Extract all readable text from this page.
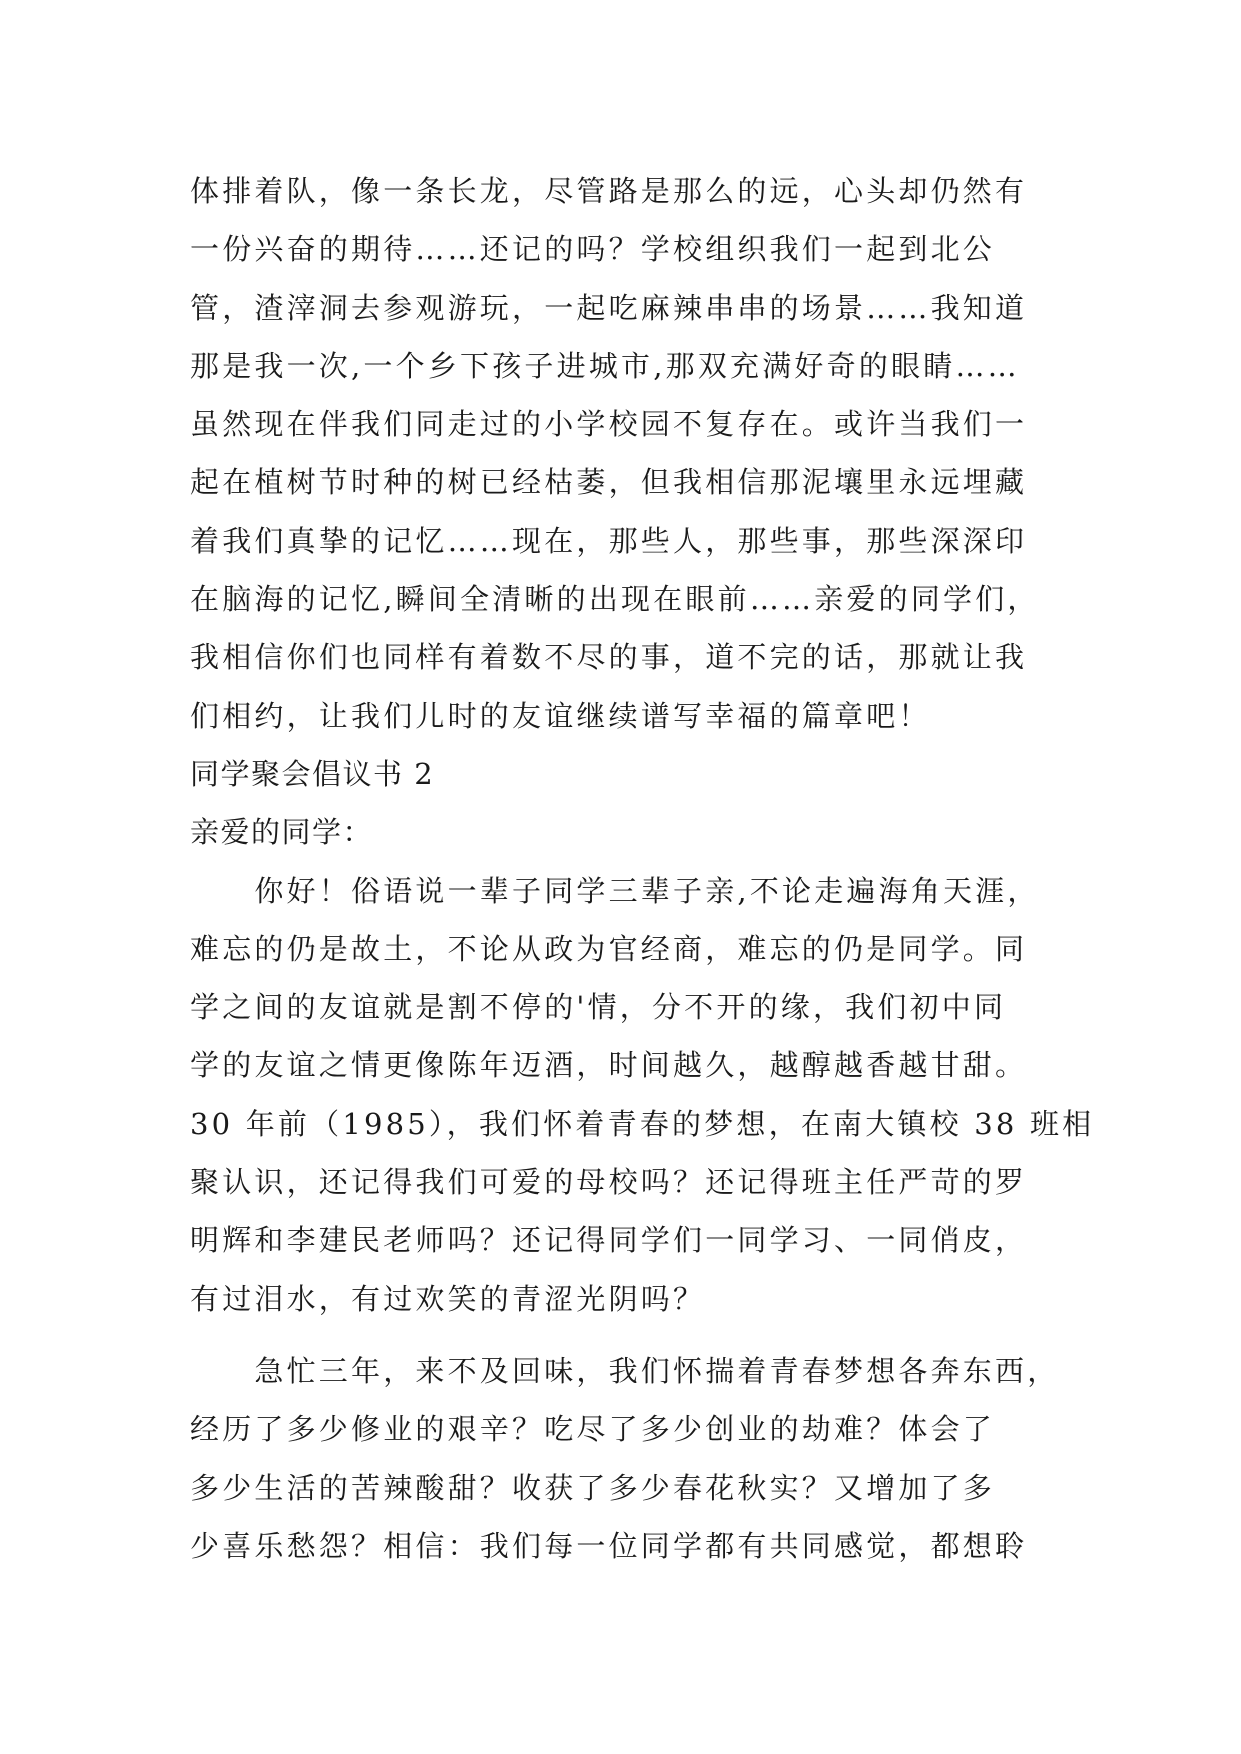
体排着队，像一条长龙，尽管路是那么的远，心头却仍然有
一份兴奋的期待……还记的吗？学校组织我们一起到北公
管，渣滓洞去参观游玩，一起吃麻辣串串的场景……我知道
那是我一次,一个乡下孩子进城市,那双充满好奇的眼睛……
虽然现在伴我们同走过的小学校园不复存在。或许当我们一
起在植树节时种的树已经枯萎，但我相信那泥壤里永远埋藏
着我们真挚的记忆……现在，那些人，那些事，那些深深印
在脑海的记忆,瞬间全清晰的出现在眼前……亲爱的同学们，
我相信你们也同样有着数不尽的事，道不完的话，那就让我
们相约，让我们儿时的友谊继续谱写幸福的篇章吧！
同学聚会倡议书 2
亲爱的同学：
　　你好！俗语说一辈子同学三辈子亲,不论走遍海角天涯，
难忘的仍是故土，不论从政为官经商，难忘的仍是同学。同
学之间的友谊就是割不停的'情，分不开的缘，我们初中同
学的友谊之情更像陈年迈酒，时间越久，越醇越香越甘甜。
30 年前（1985），我们怀着青春的梦想，在南大镇校 38 班相
聚认识，还记得我们可爱的母校吗？还记得班主任严苛的罗
明辉和李建民老师吗？还记得同学们一同学习、一同俏皮，
有过泪水，有过欢笑的青涩光阴吗？
　　急忙三年，来不及回味，我们怀揣着青春梦想各奔东西，
经历了多少修业的艰辛？吃尽了多少创业的劫难？体会了
多少生活的苦辣酸甜？收获了多少春花秋实？又增加了多
少喜乐愁怨？相信：我们每一位同学都有共同感觉，都想聆
